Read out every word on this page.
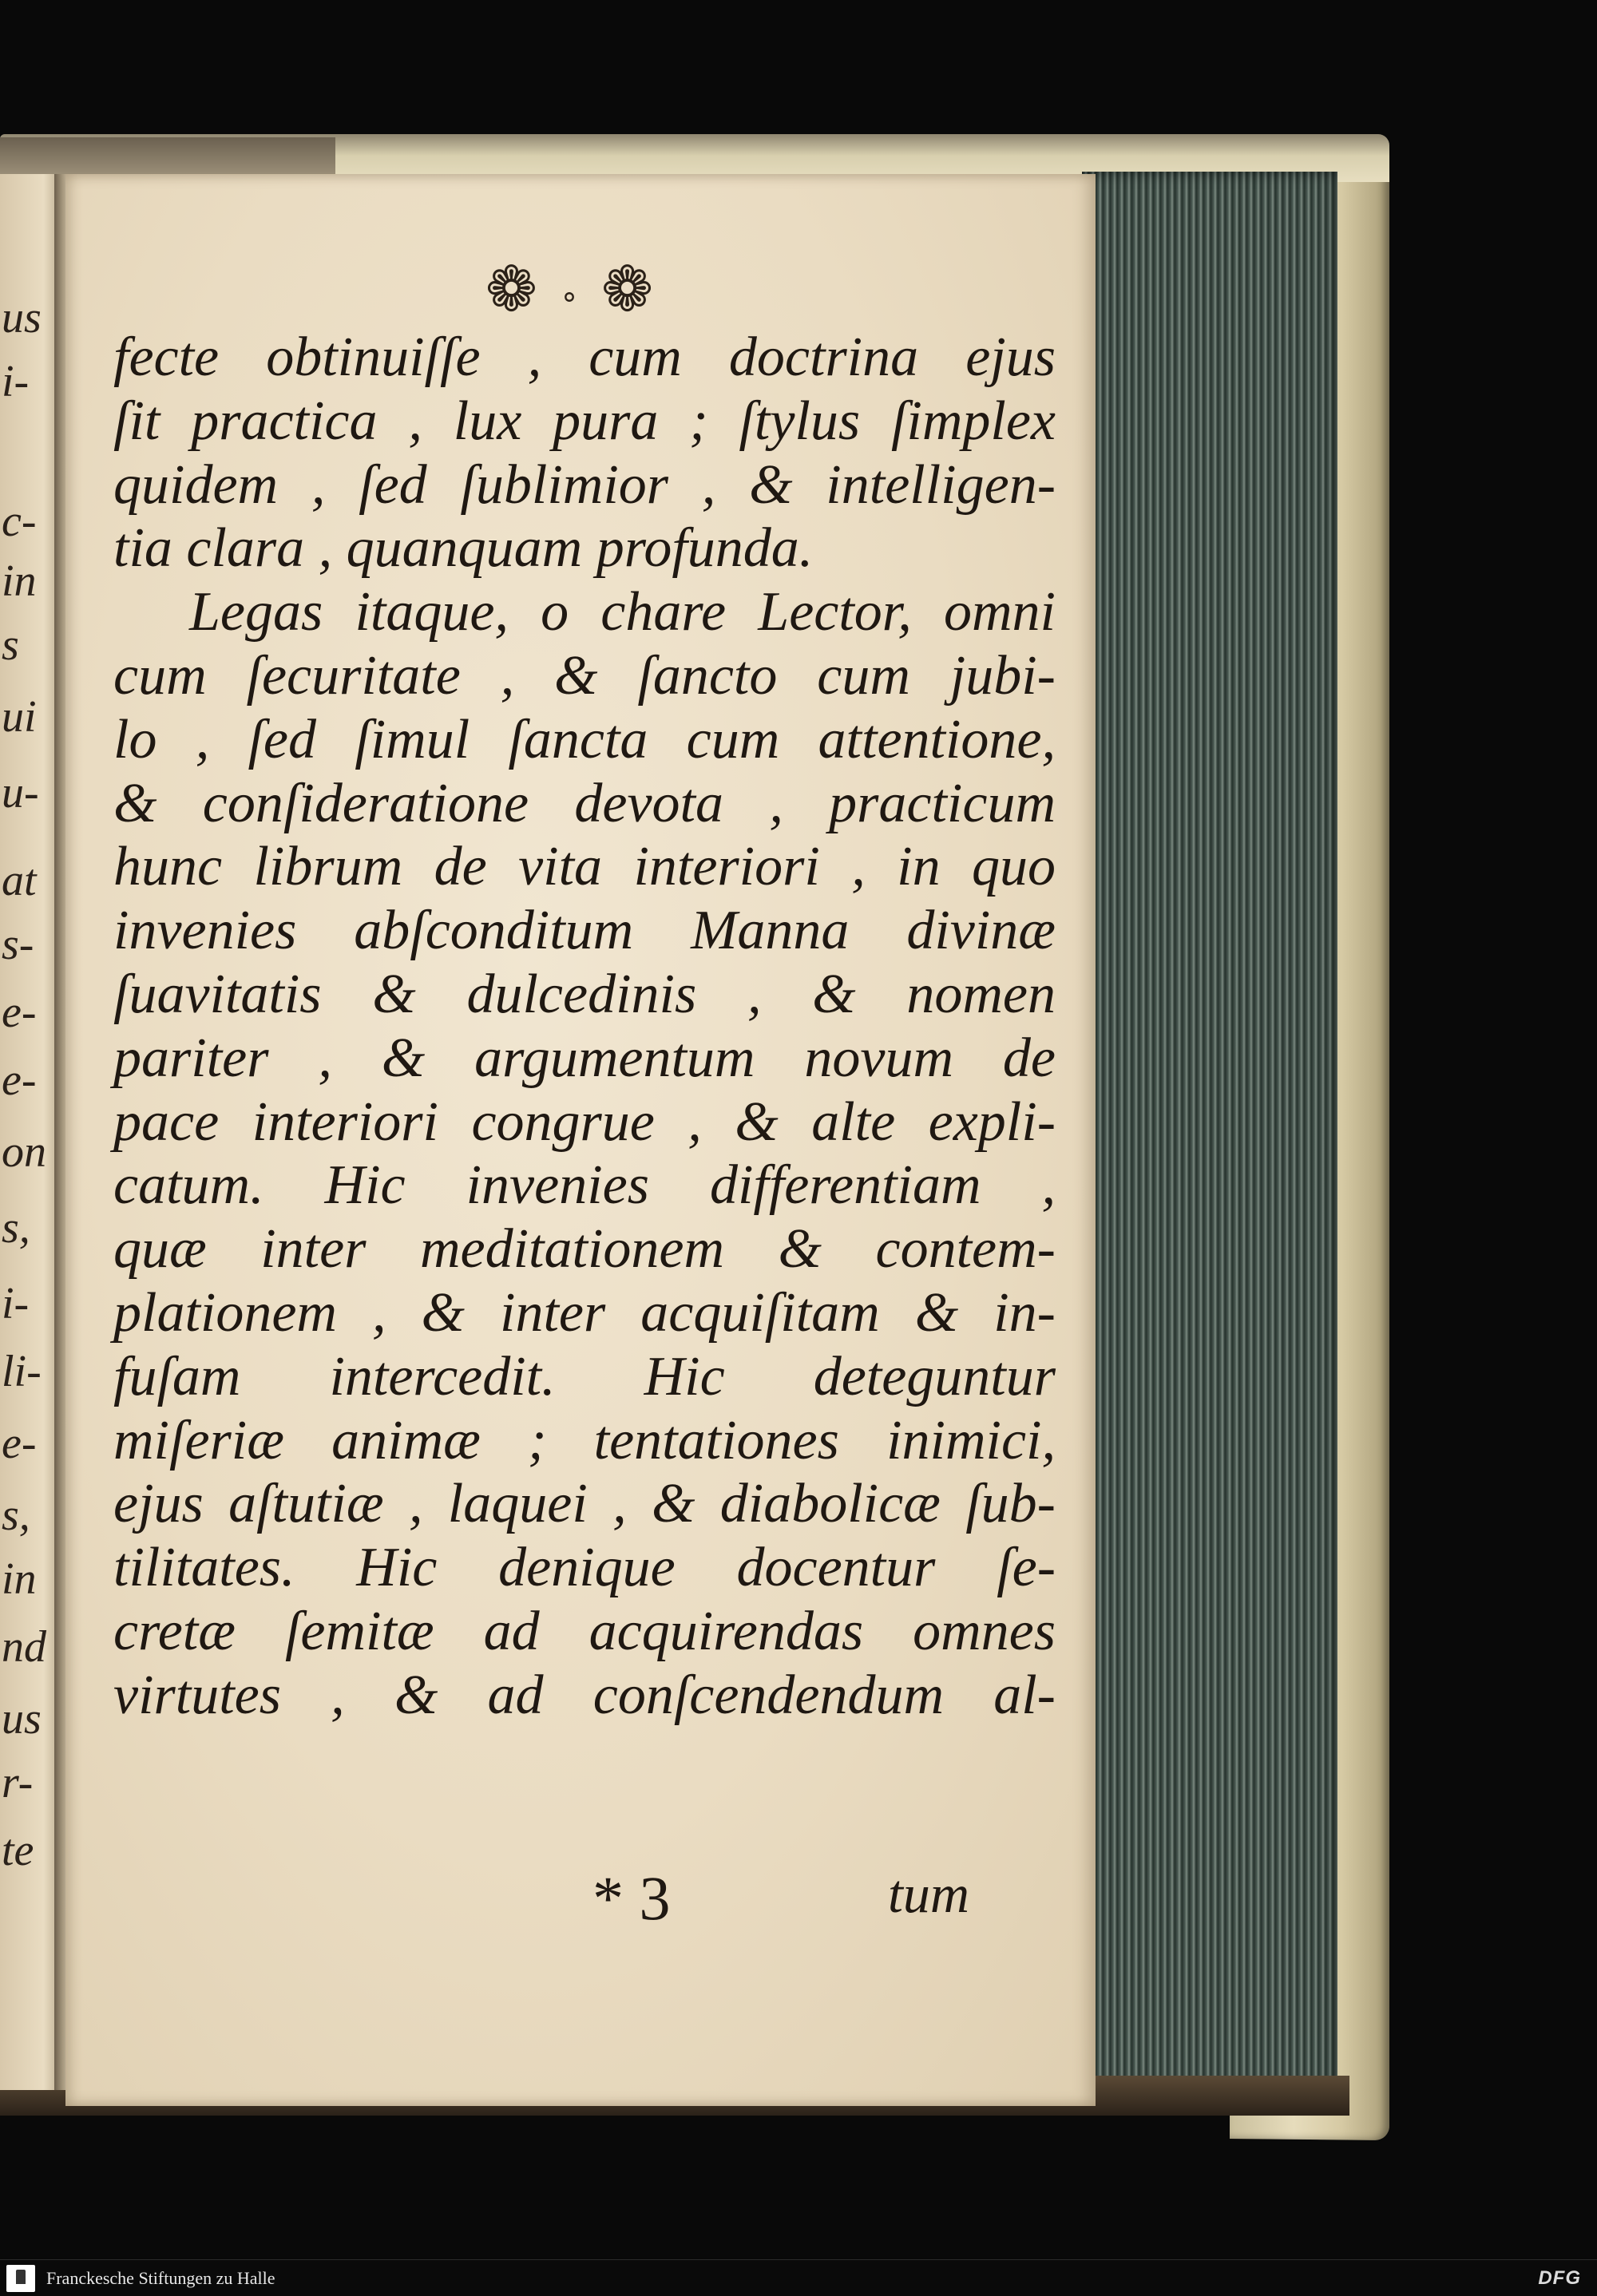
us
i-
c-
in
s
ui
u-
at
s-
e-
e-
on
s,
i-
li-
e-
s,
in
nd
us
r-
te
❁∘❁
fecte obtinuiſſe , cum doctrina ejus
ſit practica , lux pura ; ſtylus ſimplex
quidem , ſed ſublimior , & intelligen-
tia clara , quanquam profunda.
Legas itaque, o chare Lector, omni
cum ſecuritate , & ſancto cum jubi-
lo , ſed ſimul ſancta cum attentione,
& conſideratione devota , practicum
hunc librum de vita interiori , in quo
invenies abſconditum Manna divinæ
ſuavitatis & dulcedinis , & nomen
pariter , & argumentum novum de
pace interiori congrue , & alte expli-
catum. Hic invenies differentiam ,
quæ inter meditationem & contem-
plationem , & inter acquiſitam & in-
fuſam intercedit. Hic deteguntur
miſeriæ animæ ; tentationes inimici,
ejus aſtutiæ , laquei , & diabolicæ ſub-
tilitates. Hic denique docentur ſe-
cretæ ſemitæ ad acquirendas omnes
virtutes , & ad conſcendendum al-
* 3	tum
Franckesche Stiftungen zu Halle	DFG
